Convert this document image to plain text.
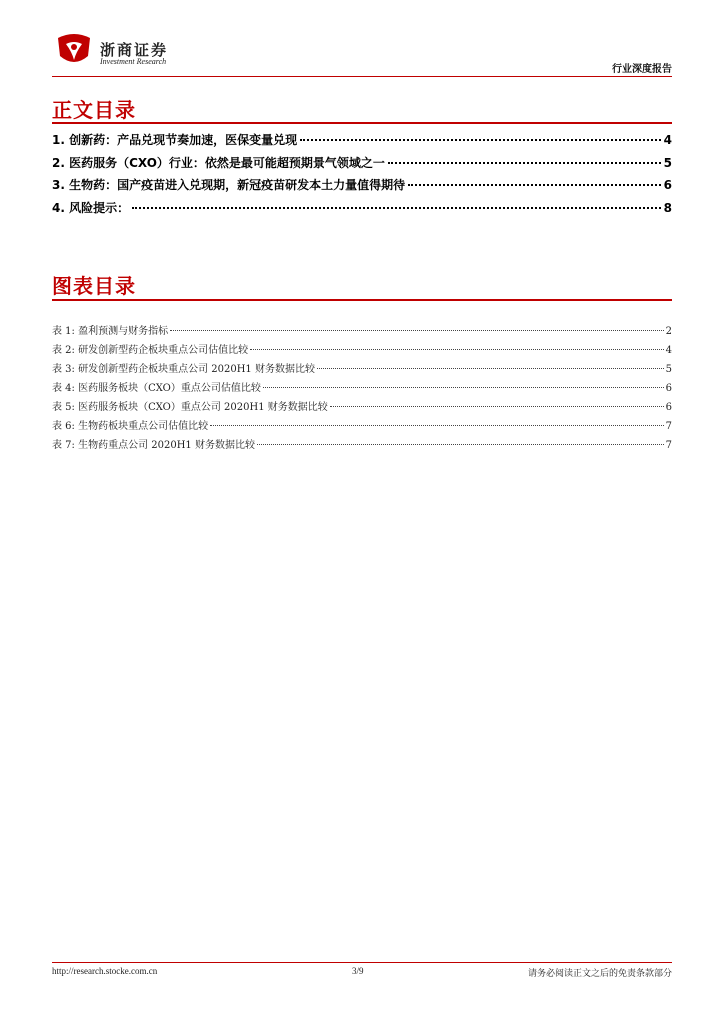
浙商证券
Investment Research
行业深度报告
正文目录
1. 创新药：产品兑现节奏加速，医保变量兑现	4
2. 医药服务（CXO）行业：依然是最可能超预期景气领域之一	5
3. 生物药：国产疫苗进入兑现期，新冠疫苗研发本土力量值得期待	6
4. 风险提示：	8
图表目录
表 1: 盈利预测与财务指标	2
表 2: 研发创新型药企板块重点公司估值比较	4
表 3: 研发创新型药企板块重点公司 2020H1 财务数据比较	5
表 4: 医药服务板块（CXO）重点公司估值比较	6
表 5: 医药服务板块（CXO）重点公司 2020H1 财务数据比较	6
表 6: 生物药板块重点公司估值比较	7
表 7: 生物药重点公司 2020H1 财务数据比较	7
http://research.stocke.com.cn	3/9	请务必阅读正文之后的免责条款部分
